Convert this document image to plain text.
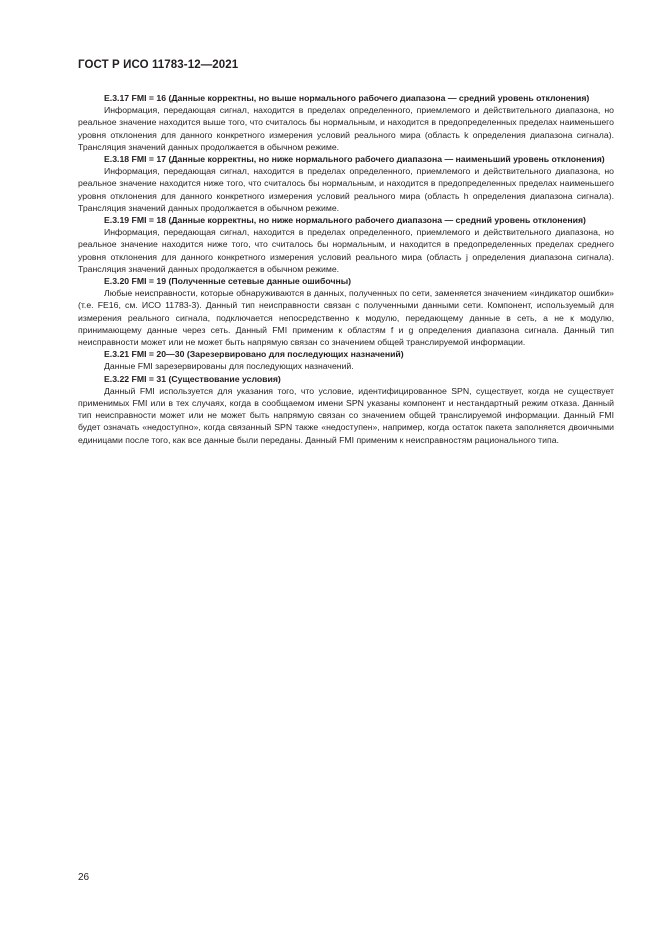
ГОСТ Р ИСО 11783-12—2021

E.3.17 FMI = 16 (Данные корректны, но выше нормального рабочего диапазона — средний уровень отклонения)

Информация, передающая сигнал, находится в пределах определенного, приемлемого и действительного диапазона, но реальное значение находится выше того, что считалось бы нормальным, и находится в предопределенных пределах наименьшего уровня отклонения для данного конкретного измерения условий реального мира (область k определения диапазона сигнала). Трансляция значений данных продолжается в обычном режиме.

E.3.18 FMI = 17 (Данные корректны, но ниже нормального рабочего диапазона — наименьший уровень отклонения)

Информация, передающая сигнал, находится в пределах определенного, приемлемого и действительного диапазона, но реальное значение находится ниже того, что считалось бы нормальным, и находится в предопределенных пределах наименьшего уровня отклонения для данного конкретного измерения условий реального мира (область h определения диапазона сигнала). Трансляция значений данных продолжается в обычном режиме.

E.3.19 FMI = 18 (Данные корректны, но ниже нормального рабочего диапазона — средний уровень отклонения)

Информация, передающая сигнал, находится в пределах определенного, приемлемого и действительного диапазона, но реальное значение находится ниже того, что считалось бы нормальным, и находится в предопределенных пределах среднего уровня отклонения для данного конкретного измерения условий реального мира (область j определения диапазона сигнала). Трансляция значений данных продолжается в обычном режиме.

E.3.20 FMI = 19 (Полученные сетевые данные ошибочны)

Любые неисправности, которые обнаруживаются в данных, полученных по сети, заменяется значением «индикатор ошибки» (т.е. FE16, см. ИСО 11783-3). Данный тип неисправности связан с полученными данными сети. Компонент, используемый для измерения реального сигнала, подключается непосредственно к модулю, передающему данные в сеть, а не к модулю, принимающему данные через сеть. Данный FMI применим к областям f и g определения диапазона сигнала. Данный тип неисправности может или не может быть напрямую связан со значением общей транслируемой информации.

E.3.21 FMI = 20—30 (Зарезервировано для последующих назначений)

Данные FMI зарезервированы для последующих назначений.

E.3.22 FMI = 31 (Существование условия)

Данный FMI используется для указания того, что условие, идентифицированное SPN, существует, когда не существует применимых FMI или в тех случаях, когда в сообщаемом имени SPN указаны компонент и нестандартный режим отказа. Данный тип неисправности может или не может быть напрямую связан со значением общей транслируемой информации. Данный FMI будет означать «недоступно», когда связанный SPN также «недоступен», например, когда остаток пакета заполняется двоичными единицами после того, как все данные были переданы. Данный FMI применим к неисправностям рационального типа.

26
